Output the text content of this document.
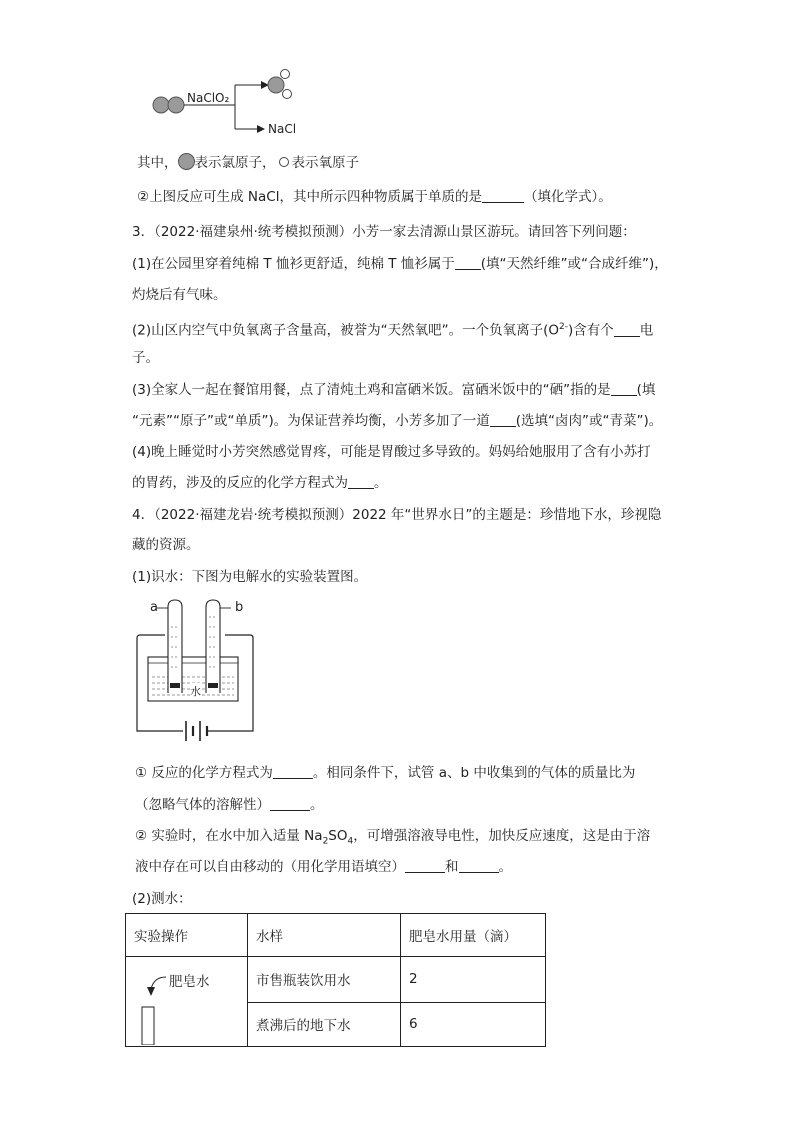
NaClO₂
NaCl
其中， 表示氯原子， 表示氧原子
②上图反应可生成 NaCl，其中所示四种物质属于单质的是	（填化学式）。
3．（2022·福建泉州·统考模拟预测）小芳一家去清源山景区游玩。请回答下列问题：
(1)在公园里穿着纯棉 T 恤衫更舒适，纯棉 T 恤衫属于 (填“天然纤维”或“合成纤维”)，
灼烧后有气味。
(2)山区内空气中负氧离子含量高，被誉为“天然氧吧”。一个负氧离子$(O^{2-})$含有个 电
子。
(3)全家人一起在餐馆用餐，点了清炖土鸡和富硒米饭。富硒米饭中的“硒”指的是 (填
“元素”“原子”或“单质”)。为保证营养均衡，小芳多加了一道 (选填“卤肉”或“青菜”)。
(4)晚上睡觉时小芳突然感觉胃疼，可能是胃酸过多导致的。妈妈给她服用了含有小苏打
的胃药，涉及的反应的化学方程式为 。
4．（2022·福建龙岩·统考模拟预测）2022 年“世界水日”的主题是：珍惜地下水，珍视隐
藏的资源。
(1)识水：下图为电解水的实验装置图。
a	b
水
① 反应的化学方程式为	。相同条件下，试管 a、b 中收集到的气体的质量比为
（忽略气体的溶解性）	。
② 实验时，在水中加入适量 $Na_2SO_4$，可增强溶液导电性，加快反应速度，这是由于溶
液中存在可以自由移动的（用化学用语填空）	和	。
(2)测水：
实验操作	水样	肥皂水用量（滴）

肥皂水	市售瓶装饮用水	2
	煮沸后的地下水	6
